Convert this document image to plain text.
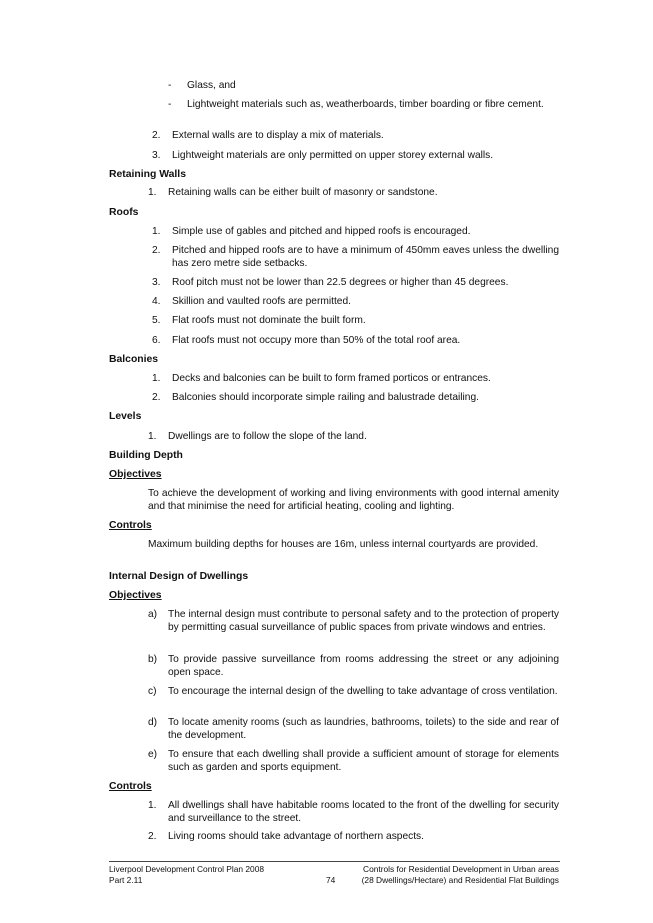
- Glass, and
- Lightweight materials such as, weatherboards, timber boarding or fibre cement.
2. External walls are to display a mix of materials.
3. Lightweight materials are only permitted on upper storey external walls.
Retaining Walls
1. Retaining walls can be either built of masonry or sandstone.
Roofs
1. Simple use of gables and pitched and hipped roofs is encouraged.
2. Pitched and hipped roofs are to have a minimum of 450mm eaves unless the dwelling has zero metre side setbacks.
3. Roof pitch must not be lower than 22.5 degrees or higher than 45 degrees.
4. Skillion and vaulted roofs are permitted.
5. Flat roofs must not dominate the built form.
6. Flat roofs must not occupy more than 50% of the total roof area.
Balconies
1. Decks and balconies can be built to form framed porticos or entrances.
2. Balconies should incorporate simple railing and balustrade detailing.
Levels
1. Dwellings are to follow the slope of the land.
Building Depth
Objectives
To achieve the development of working and living environments with good internal amenity and that minimise the need for artificial heating, cooling and lighting.
Controls
Maximum building depths for houses are 16m, unless internal courtyards are provided.
Internal Design of Dwellings
Objectives
a) The internal design must contribute to personal safety and to the protection of property by permitting casual surveillance of public spaces from private windows and entries.
b) To provide passive surveillance from rooms addressing the street or any adjoining open space.
c) To encourage the internal design of the dwelling to take advantage of cross ventilation.
d) To locate amenity rooms (such as laundries, bathrooms, toilets) to the side and rear of the development.
e) To ensure that each dwelling shall provide a sufficient amount of storage for elements such as garden and sports equipment.
Controls
1. All dwellings shall have habitable rooms located to the front of the dwelling for security and surveillance to the street.
2. Living rooms should take advantage of northern aspects.
Liverpool Development Control Plan 2008
Part 2.11	74
Controls for Residential Development in Urban areas
(28 Dwellings/Hectare) and Residential Flat Buildings
